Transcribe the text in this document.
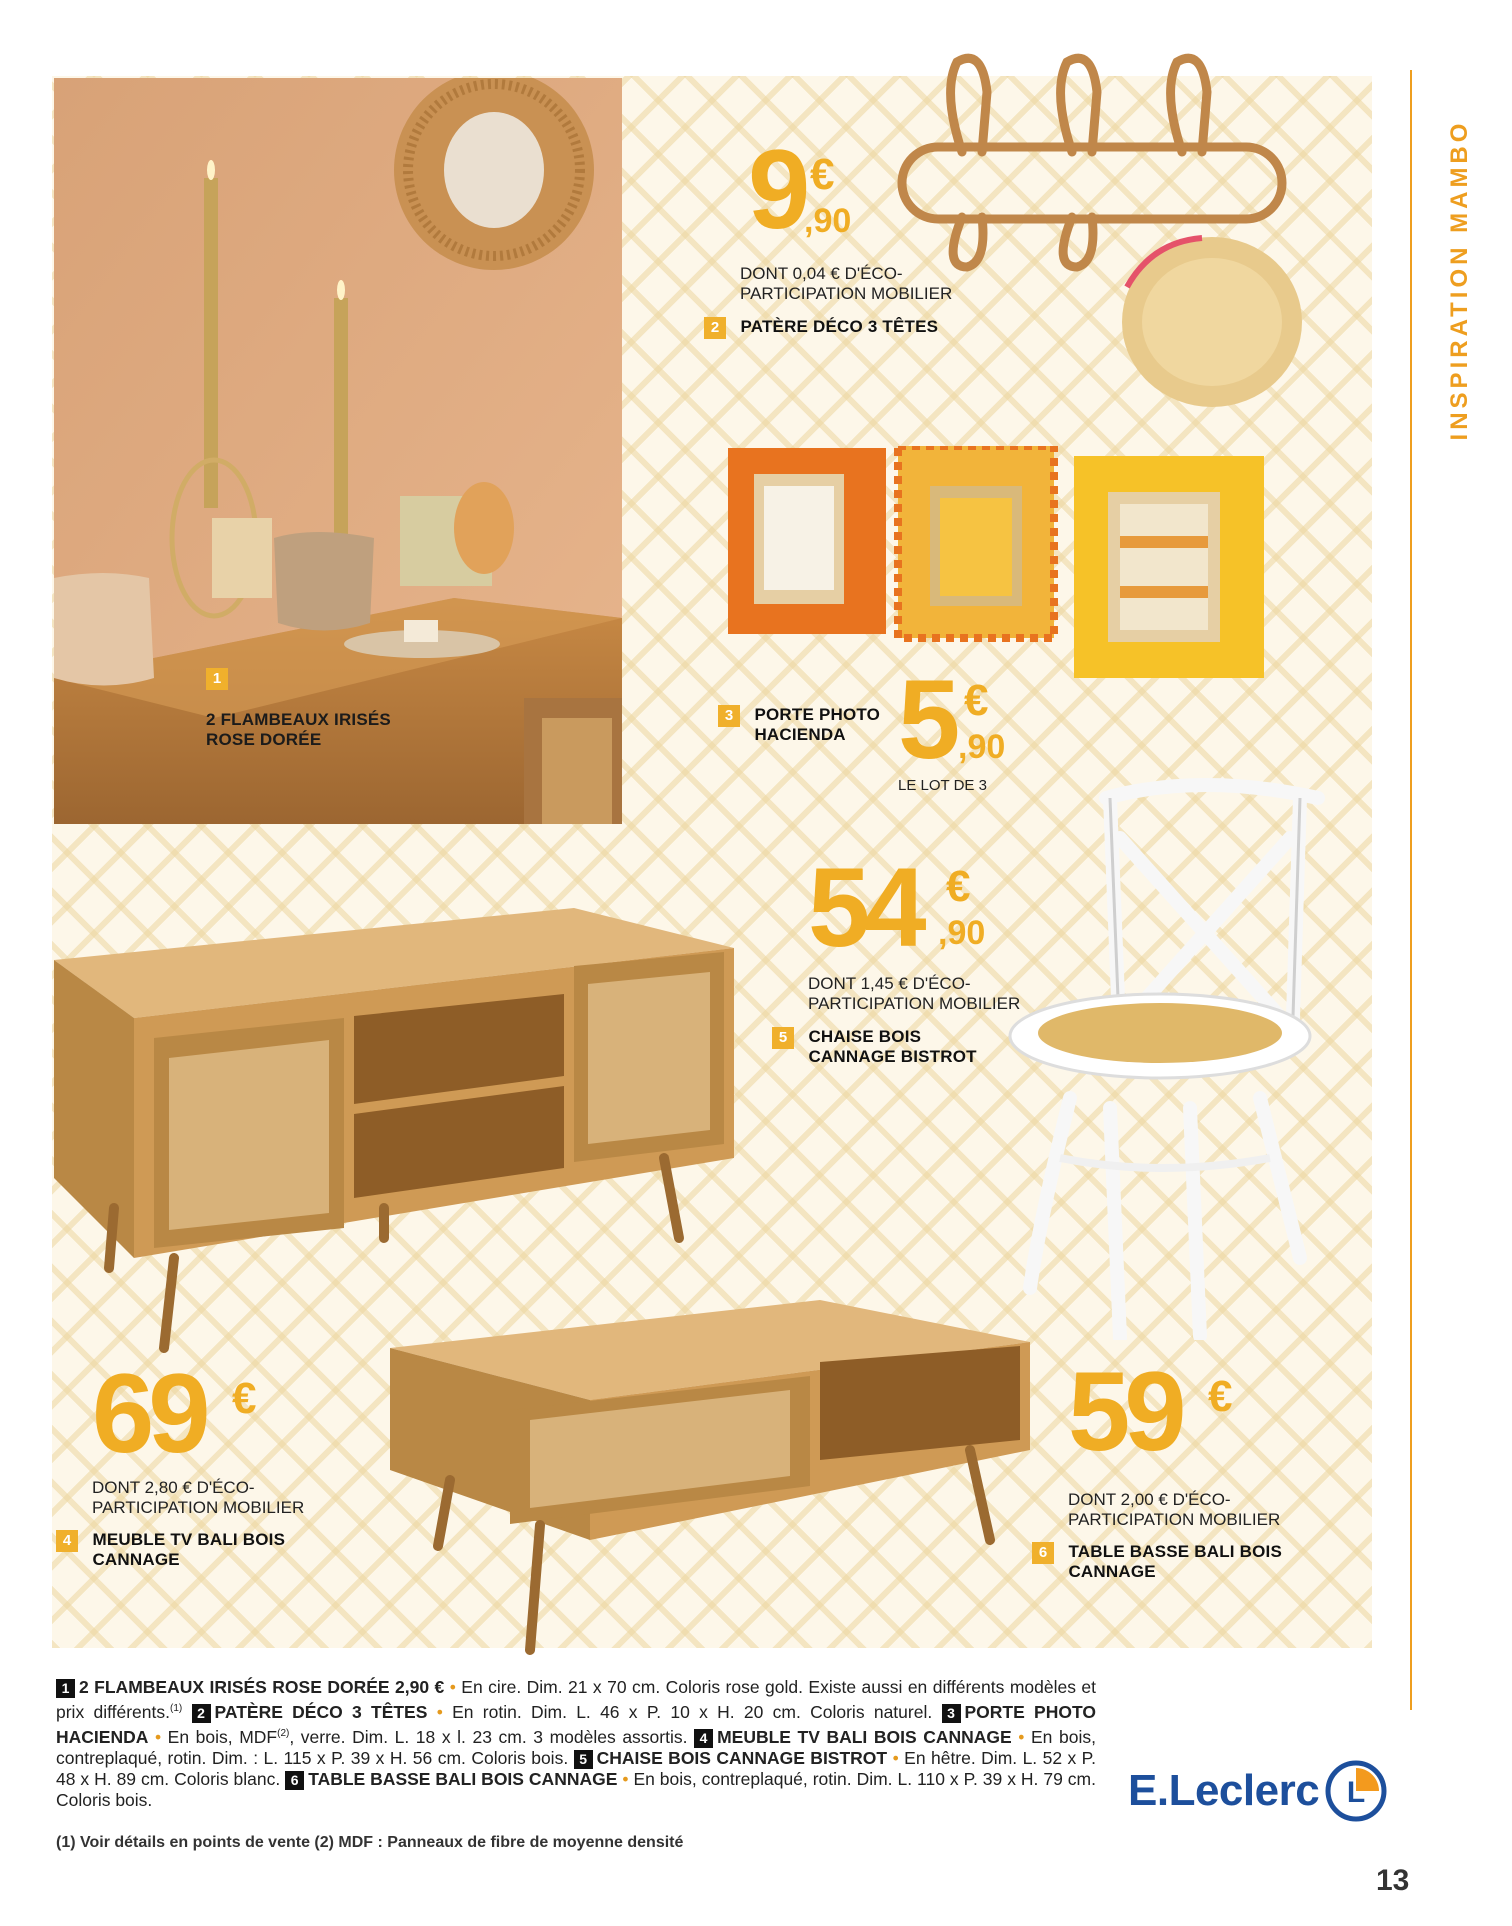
1
2 FLAMBEAUX IRISÉS
ROSE DORÉE
9 €
,90
DONT 0,04 € D'ÉCO-
PARTICIPATION MOBILIER
2 PATÈRE DÉCO 3 TÊTES
3 PORTE PHOTO
HACIENDA 5 €
,90
LE LOT DE 3
54 €
,90
DONT 1,45 € D'ÉCO-
PARTICIPATION MOBILIER
5 CHAISE BOIS
CANNAGE BISTROT
69 €
DONT 2,80 € D'ÉCO-
PARTICIPATION MOBILIER
4 MEUBLE TV BALI BOIS
CANNAGE
59 €
DONT 2,00 € D'ÉCO-
PARTICIPATION MOBILIER
6 TABLE BASSE BALI BOIS
CANNAGE
INSPIRATION MAMBO
1 2 FLAMBEAUX IRISÉS ROSE DORÉE 2,90 € • En cire. Dim. 21 x 70 cm. Coloris rose gold. Existe aussi en différents modèles et prix différents.$^{(1)}$ 2 PATÈRE DÉCO 3 TÊTES • En rotin. Dim. L. 46 x P. 10 x H. 20 cm. Coloris naturel. 3 PORTE PHOTO HACIENDA • En bois, MDF$^{(2)}$, verre. Dim. L. 18 x l. 23 cm. 3 modèles assortis. 4 MEUBLE TV BALI BOIS CANNAGE • En bois, contreplaqué, rotin. Dim. : L. 115 x P. 39 x H. 56 cm. Coloris bois. 5 CHAISE BOIS CANNAGE BISTROT • En hêtre. Dim. L. 52 x P. 48 x H. 89 cm. Coloris blanc. 6 TABLE BASSE BALI BOIS CANNAGE • En bois, contreplaqué, rotin. Dim. L. 110 x P. 39 x H. 79 cm. Coloris bois.
(1) Voir détails en points de vente (2) MDF : Panneaux de fibre de moyenne densité
E.Leclerc L
13
